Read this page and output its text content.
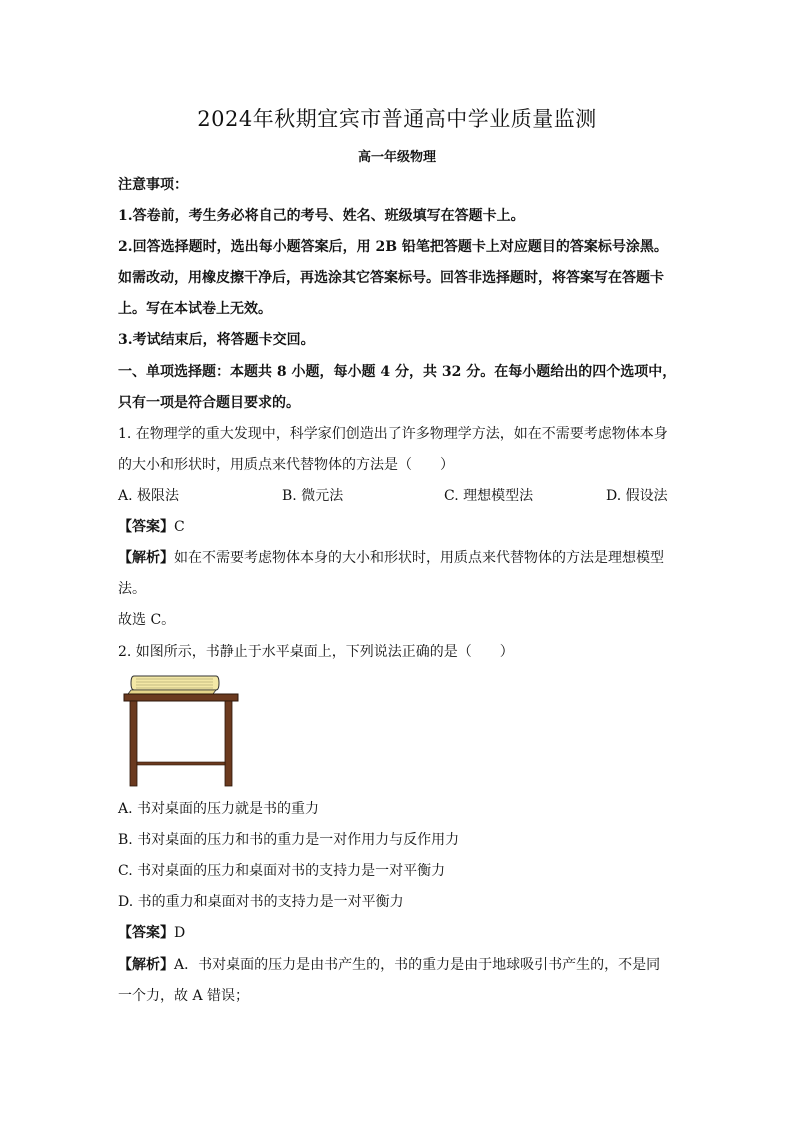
2024年秋期宜宾市普通高中学业质量监测
高一年级物理
注意事项：
1.答卷前，考生务必将自己的考号、姓名、班级填写在答题卡上。
2.回答选择题时，选出每小题答案后，用 2B 铅笔把答题卡上对应题目的答案标号涂黑。
如需改动，用橡皮擦干净后，再选涂其它答案标号。回答非选择题时，将答案写在答题卡
上。写在本试卷上无效。
3.考试结束后，将答题卡交回。
一、单项选择题：本题共 8 小题，每小题 4 分，共 32 分。在每小题给出的四个选项中，
只有一项是符合题目要求的。
1. 在物理学的重大发现中，科学家们创造出了许多物理学方法，如在不需要考虑物体本身
的大小和形状时，用质点来代替物体的方法是（　　）
A. 极限法	B. 微元法	C. 理想模型法	D. 假设法
【答案】C
【解析】如在不需要考虑物体本身的大小和形状时，用质点来代替物体的方法是理想模型
法。
故选 C。
2. 如图所示，书静止于水平桌面上，下列说法正确的是（　　）
A. 书对桌面的压力就是书的重力
B. 书对桌面的压力和书的重力是一对作用力与反作用力
C. 书对桌面的压力和桌面对书的支持力是一对平衡力
D. 书的重力和桌面对书的支持力是一对平衡力
【答案】D
【解析】A．书对桌面的压力是由书产生的，书的重力是由于地球吸引书产生的，不是同
一个力，故 A 错误；
